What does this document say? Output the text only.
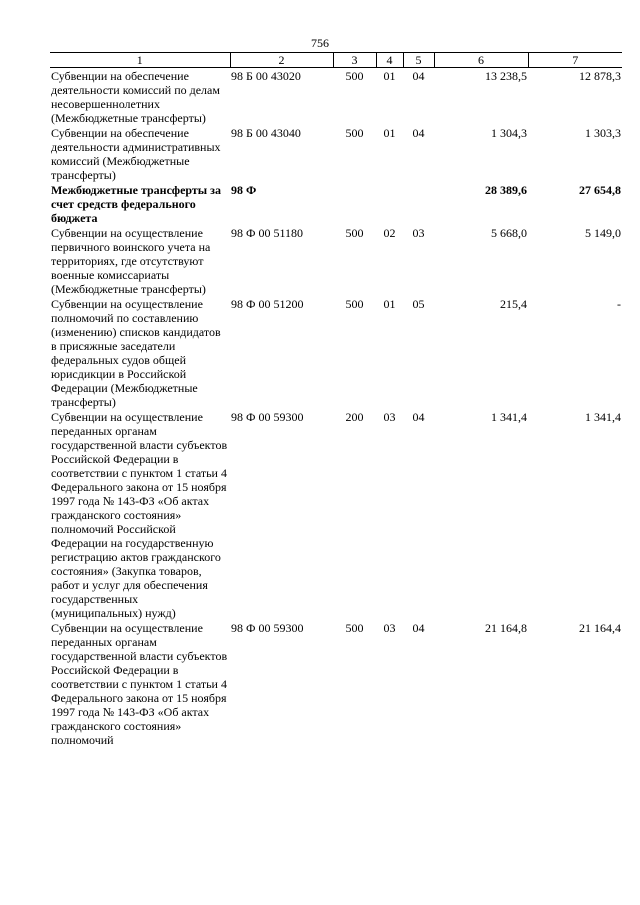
756
1	2	3	4	5	6	7
Субвенции на обеспечение деятельности комиссий по делам несовершеннолетних (Межбюджетные трансферты)	98 Б 00 43020	500	01	04	13 238,5	12 878,3
Субвенции на обеспечение деятельности административных комиссий (Межбюджетные трансферты)	98 Б 00 43040	500	01	04	1 304,3	1 303,3
Межбюджетные трансферты за счет средств федерального бюджета	98 Ф				28 389,6	27 654,8
Субвенции на осуществление первичного воинского учета на территориях, где отсутствуют военные комиссариаты (Межбюджетные трансферты)	98 Ф 00 51180	500	02	03	5 668,0	5 149,0
Субвенции на осуществление полномочий по составлению (изменению) списков кандидатов в присяжные заседатели федеральных судов общей юрисдикции в Российской Федерации (Межбюджетные трансферты)	98 Ф 00 51200	500	01	05	215,4	-
Субвенции на осуществление переданных органам государственной власти субъектов Российской Федерации в соответствии с пунктом 1 статьи 4 Федерального закона от 15 ноября 1997 года № 143-ФЗ «Об актах гражданского состояния» полномочий Российской Федерации на государственную регистрацию актов гражданского состояния» (Закупка товаров, работ и услуг для обеспечения государственных (муниципальных) нужд)	98 Ф 00 59300	200	03	04	1 341,4	1 341,4
Субвенции на осуществление переданных органам государственной власти субъектов Российской Федерации в соответствии с пунктом 1 статьи 4 Федерального закона от 15 ноября 1997 года № 143-ФЗ «Об актах гражданского состояния» полномочий	98 Ф 00 59300	500	03	04	21 164,8	21 164,4
